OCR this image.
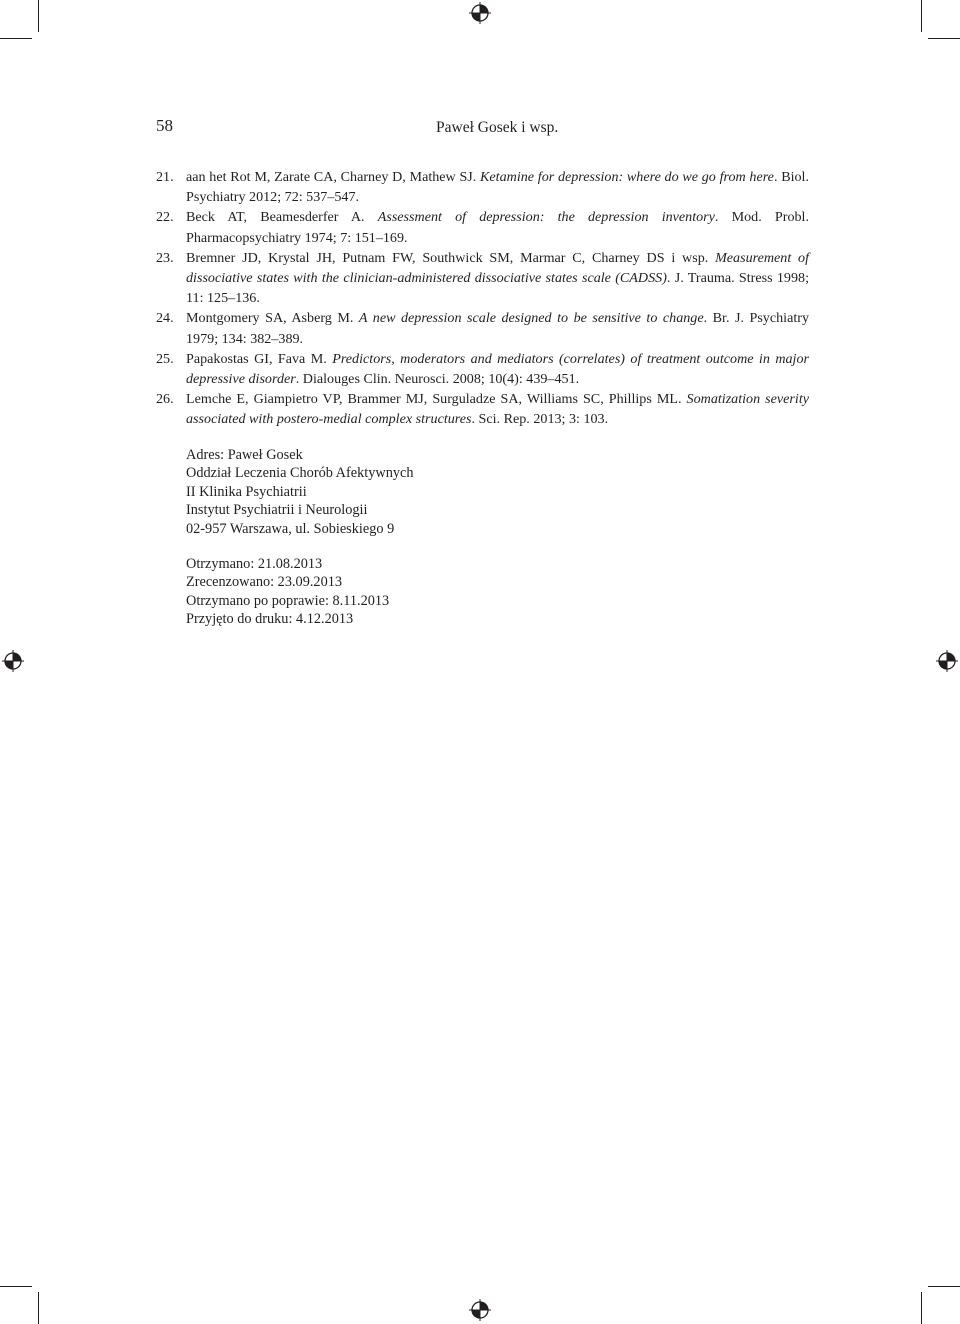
58	Paweł Gosek i wsp.
21. aan het Rot M, Zarate CA, Charney D, Mathew SJ. Ketamine for depression: where do we go from here. Biol. Psychiatry 2012; 72: 537–547.
22. Beck AT, Beamesderfer A. Assessment of depression: the depression inventory. Mod. Probl. Pharmacopsychiatry 1974; 7: 151–169.
23. Bremner JD, Krystal JH, Putnam FW, Southwick SM, Marmar C, Charney DS i wsp. Measurement of dissociative states with the clinician-administered dissociative states scale (CADSS). J. Trauma. Stress 1998; 11: 125–136.
24. Montgomery SA, Asberg M. A new depression scale designed to be sensitive to change. Br. J. Psychiatry 1979; 134: 382–389.
25. Papakostas GI, Fava M. Predictors, moderators and mediators (correlates) of treatment outcome in major depressive disorder. Dialouges Clin. Neurosci. 2008; 10(4): 439–451.
26. Lemche E, Giampietro VP, Brammer MJ, Surguladze SA, Williams SC, Phillips ML. Somatization severity associated with postero-medial complex structures. Sci. Rep. 2013; 3: 103.
Adres: Paweł Gosek
Oddział Leczenia Chorób Afektywnych
II Klinika Psychiatrii
Instytut Psychiatrii i Neurologii
02-957 Warszawa, ul. Sobieskiego 9
Otrzymano: 21.08.2013
Zrecenzowano: 23.09.2013
Otrzymano po poprawie: 8.11.2013
Przyjęto do druku: 4.12.2013
